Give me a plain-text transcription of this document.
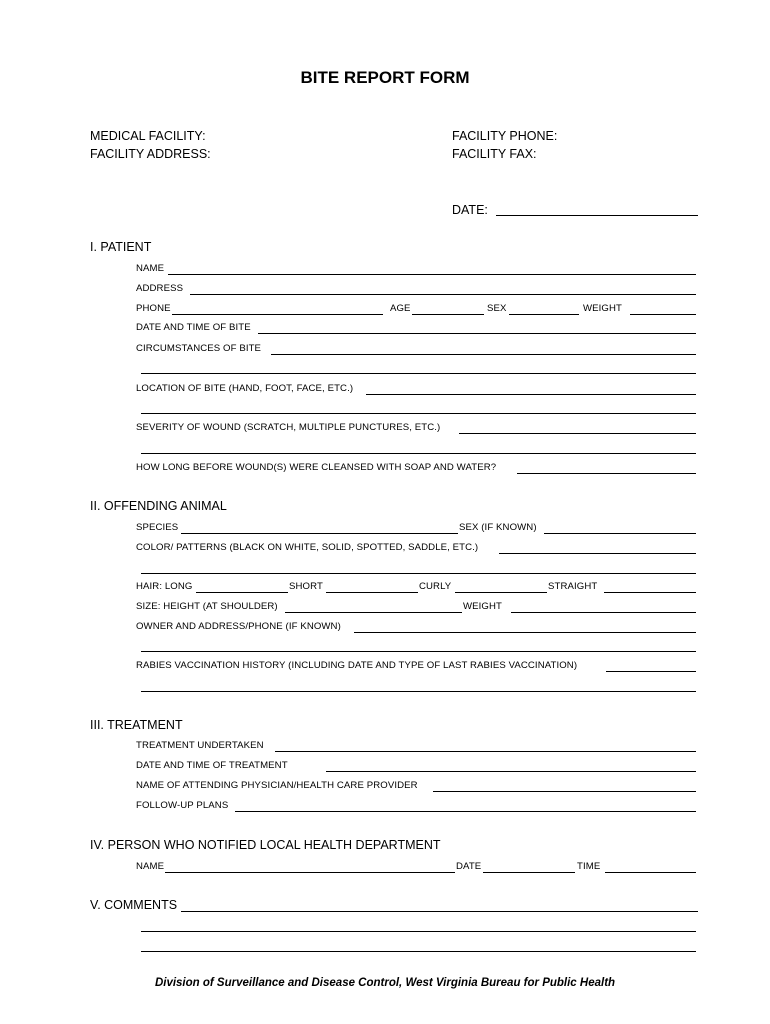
BITE REPORT FORM
MEDICAL FACILITY:
FACILITY ADDRESS:
FACILITY PHONE:
FACILITY FAX:
DATE:
I. PATIENT
NAME
ADDRESS
PHONE	AGE	SEX	WEIGHT
DATE AND TIME OF BITE
CIRCUMSTANCES OF BITE
LOCATION OF BITE (HAND, FOOT, FACE, ETC.)
SEVERITY OF WOUND (SCRATCH, MULTIPLE PUNCTURES, ETC.)
HOW LONG BEFORE WOUND(S) WERE CLEANSED WITH SOAP AND WATER?
II. OFFENDING ANIMAL
SPECIES	SEX (IF KNOWN)
COLOR/ PATTERNS (BLACK ON WHITE, SOLID, SPOTTED, SADDLE, ETC.)
HAIR: LONG	SHORT	CURLY	STRAIGHT
SIZE: HEIGHT (AT SHOULDER)	WEIGHT
OWNER AND ADDRESS/PHONE (IF KNOWN)
RABIES VACCINATION HISTORY (INCLUDING DATE AND TYPE OF LAST RABIES VACCINATION)
III. TREATMENT
TREATMENT UNDERTAKEN
DATE AND TIME OF TREATMENT
NAME OF ATTENDING PHYSICIAN/HEALTH CARE PROVIDER
FOLLOW-UP PLANS
IV. PERSON WHO NOTIFIED LOCAL HEALTH DEPARTMENT
NAME	DATE	TIME
V. COMMENTS
Division of Surveillance and Disease Control, West Virginia Bureau for Public Health
